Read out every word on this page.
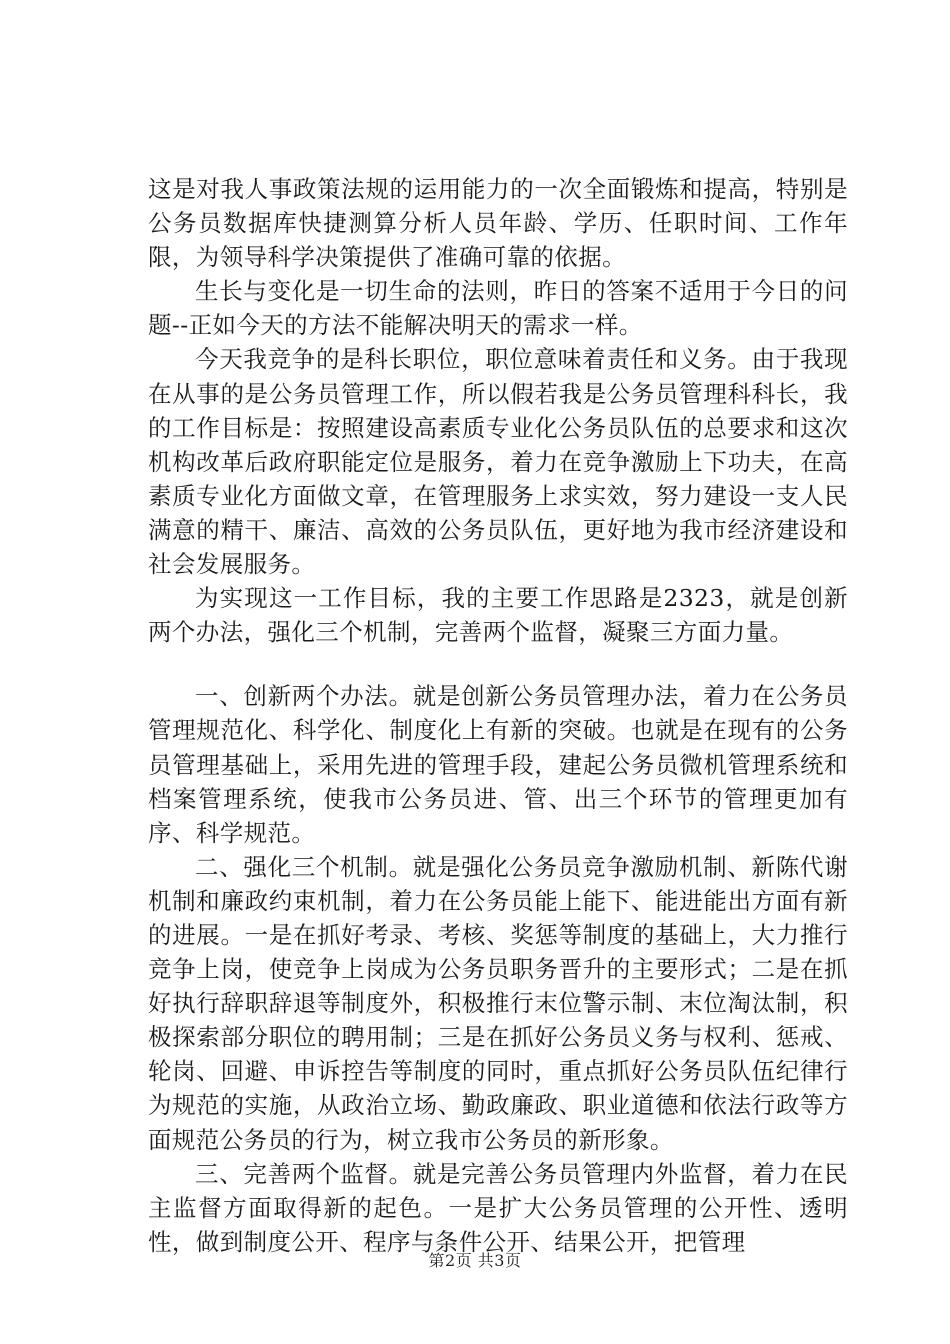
这是对我人事政策法规的运用能力的一次全面锻炼和提高，特别是公务员数据库快捷测算分析人员年龄、学历、任职时间、工作年限，为领导科学决策提供了准确可靠的依据。

生长与变化是一切生命的法则，昨日的答案不适用于今日的问题--正如今天的方法不能解决明天的需求一样。

今天我竞争的是科长职位，职位意味着责任和义务。由于我现在从事的是公务员管理工作，所以假若我是公务员管理科科长，我的工作目标是：按照建设高素质专业化公务员队伍的总要求和这次机构改革后政府职能定位是服务，着力在竞争激励上下功夫，在高素质专业化方面做文章，在管理服务上求实效，努力建设一支人民满意的精干、廉洁、高效的公务员队伍，更好地为我市经济建设和社会发展服务。

为实现这一工作目标，我的主要工作思路是2323，就是创新两个办法，强化三个机制，完善两个监督，凝聚三方面力量。

一、创新两个办法。就是创新公务员管理办法，着力在公务员管理规范化、科学化、制度化上有新的突破。也就是在现有的公务员管理基础上，采用先进的管理手段，建起公务员微机管理系统和档案管理系统，使我市公务员进、管、出三个环节的管理更加有序、科学规范。

二、强化三个机制。就是强化公务员竞争激励机制、新陈代谢机制和廉政约束机制，着力在公务员能上能下、能进能出方面有新的进展。一是在抓好考录、考核、奖惩等制度的基础上，大力推行竞争上岗，使竞争上岗成为公务员职务晋升的主要形式；二是在抓好执行辞职辞退等制度外，积极推行末位警示制、末位淘汰制，积极探索部分职位的聘用制；三是在抓好公务员义务与权利、惩戒、轮岗、回避、申诉控告等制度的同时，重点抓好公务员队伍纪律行为规范的实施，从政治立场、勤政廉政、职业道德和依法行政等方面规范公务员的行为，树立我市公务员的新形象。

三、完善两个监督。就是完善公务员管理内外监督，着力在民主监督方面取得新的起色。一是扩大公务员管理的公开性、透明性，做到制度公开、程序与条件公开、结果公开，把管理

第2页 共3页
